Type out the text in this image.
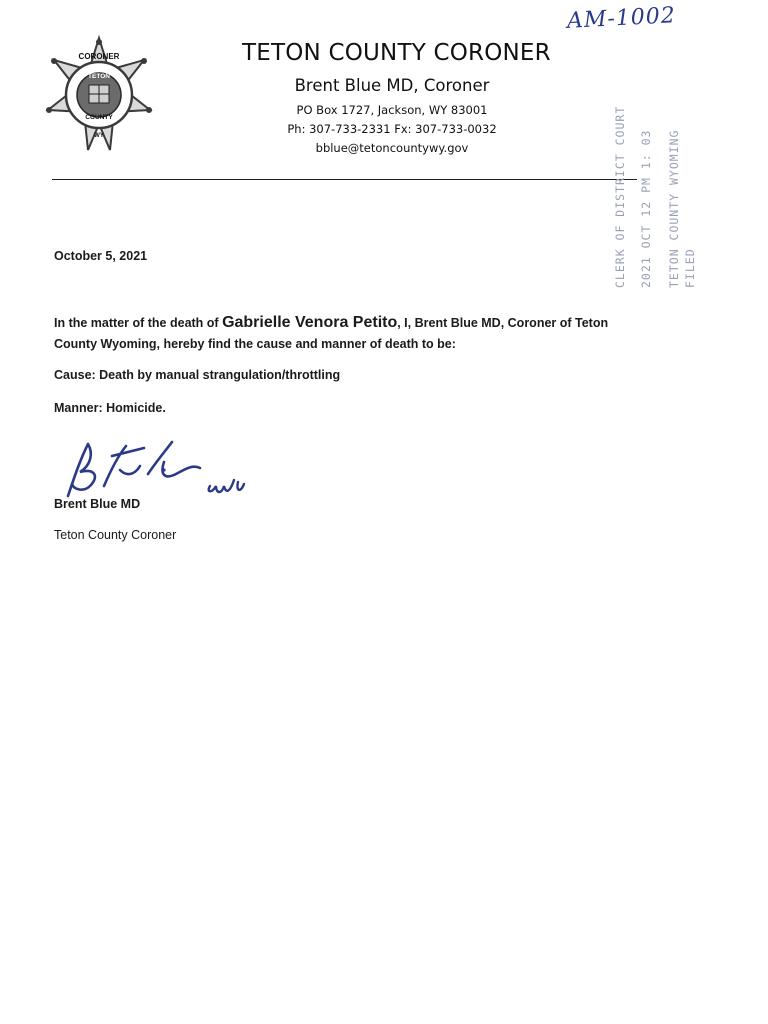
AM-1002
CORONER
TETON
COUNTY
WY
TETON COUNTY CORONER
Brent Blue MD, Coroner
PO Box 1727, Jackson, WY 83001
Ph: 307-733-2331 Fx: 307-733-0032
bblue@tetoncountywy.gov	CLERK OF DISTRICT COURT 2021 OCT 12 PM 1: 03 TETON COUNTY WYOMING FILED
October 5, 2021
In the matter of the death of Gabrielle Venora Petito, I, Brent Blue MD, Coroner of Teton County Wyoming, hereby find the cause and manner of death to be:
Cause: Death by manual strangulation/throttling
Manner: Homicide.
Brent Blue MD
Teton County Coroner
